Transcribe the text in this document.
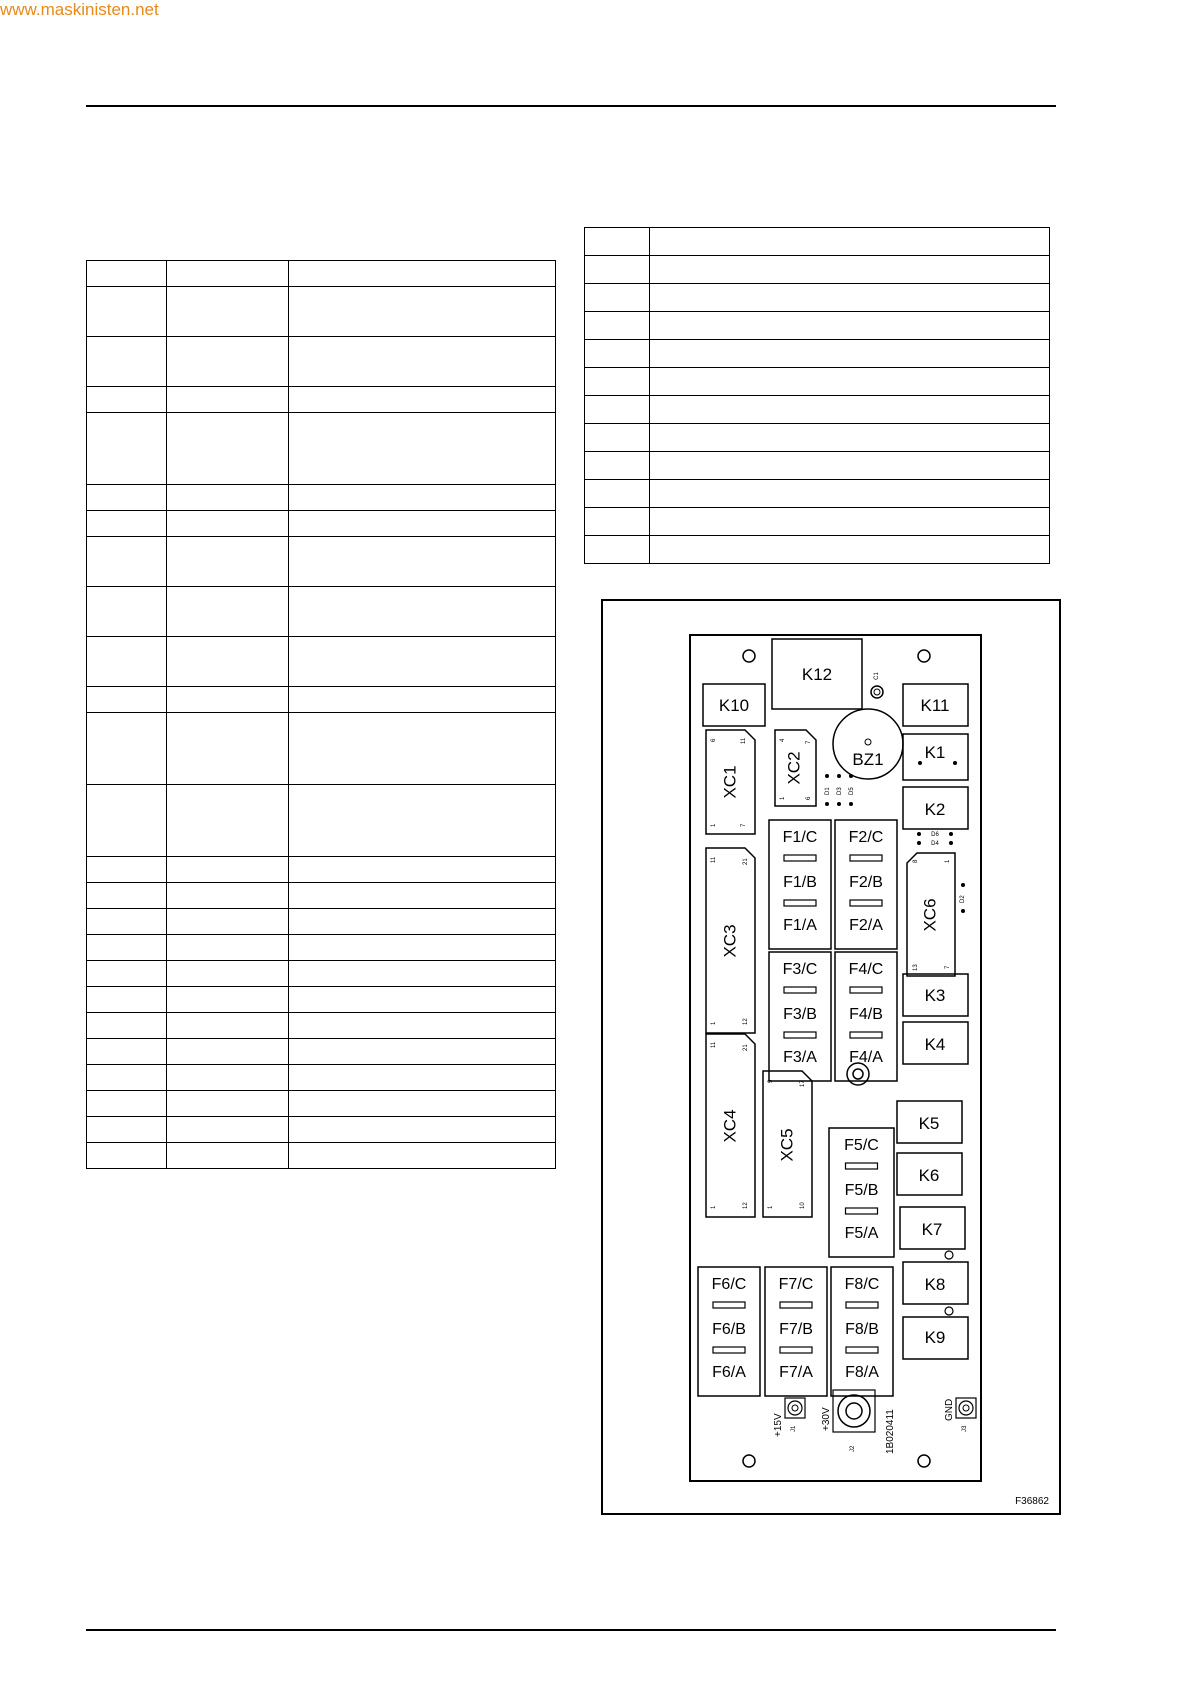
www.maskinisten.net

K12	C1
K10	K11
BZ1 K1
XC1
6	11
1	7
XC2
4
7
1	6
D1 D3 D5
K2
D6
D4
F1/C
F1/B
F1/A
F2/C
F2/B
F2/A
F3/C
F3/B
F3/A
F4/C
F4/B
F4/A
F5/C
F5/B
F5/A
F6/C
F6/B
F6/A
F7/C
F7/B
F7/A
F8/C
F8/B
F8/A
XC3
11	21
1	12
XC6
8	1
13	7
D2
K3
K4
XC4
11	21
1	12
XC5
9	17
1	10
K5
K6
K7
K8
K9
+15V J1 +30V
J2	1B020411	GND
J3
F36862
